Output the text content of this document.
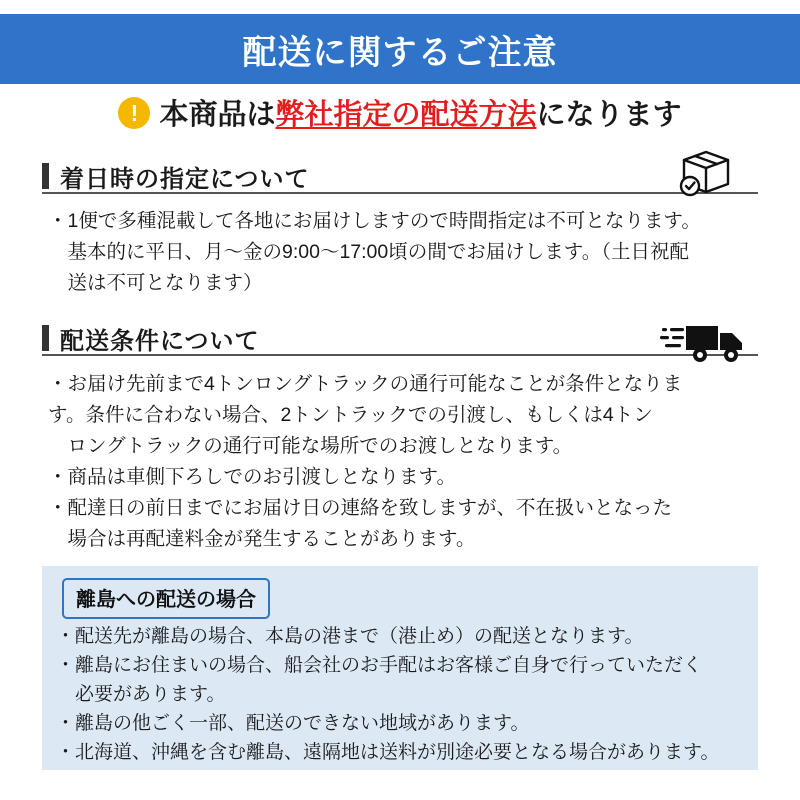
配送に関するご注意
! 本商品は弊社指定の配送方法になります
着日時の指定について
・1便で多種混載して各地にお届けしますので時間指定は不可となります。
　基本的に平日、月〜金の9:00〜17:00頃の間でお届けします。（土日祝配
　送は不可となります）
配送条件について
・お届け先前まで4トンロングトラックの通行可能なことが条件となりま
す。条件に合わない場合、2トントラックでの引渡し、もしくは4トン
　ロングトラックの通行可能な場所でのお渡しとなります。
・商品は車側下ろしでのお引渡しとなります。
・配達日の前日までにお届け日の連絡を致しますが、不在扱いとなった
　場合は再配達料金が発生することがあります。
離島への配送の場合
・配送先が離島の場合、本島の港まで（港止め）の配送となります。
・離島にお住まいの場合、船会社のお手配はお客様ご自身で行っていただく
　必要があります。
・離島の他ごく一部、配送のできない地域があります。
・北海道、沖縄を含む離島、遠隔地は送料が別途必要となる場合があります。
